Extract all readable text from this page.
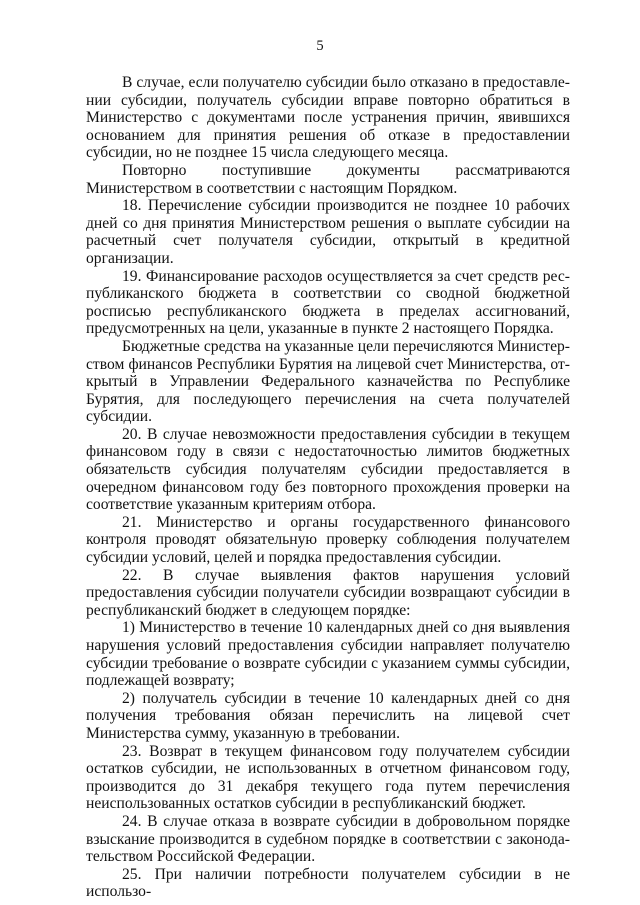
5

В случае, если получателю субсидии было отказано в предоставлении субсидии, получатель субсидии вправе повторно обратиться в Министерство с документами после устранения причин, явившихся основанием для принятия решения об отказе в предоставлении субсидии, но не позднее 15 числа следующего месяца.

Повторно поступившие документы рассматриваются Министерством в соответствии с настоящим Порядком.

18. Перечисление субсидии производится не позднее 10 рабочих дней со дня принятия Министерством решения о выплате субсидии на расчетный счет получателя субсидии, открытый в кредитной организации.

19. Финансирование расходов осуществляется за счет средств республиканского бюджета в соответствии со сводной бюджетной росписью республиканского бюджета в пределах ассигнований, предусмотренных на цели, указанные в пункте 2 настоящего Порядка.

Бюджетные средства на указанные цели перечисляются Министерством финансов Республики Бурятия на лицевой счет Министерства, открытый в Управлении Федерального казначейства по Республике Бурятия, для последующего перечисления на счета получателей субсидии.

20. В случае невозможности предоставления субсидии в текущем финансовом году в связи с недостаточностью лимитов бюджетных обязательств субсидия получателям субсидии предоставляется в очередном финансовом году без повторного прохождения проверки на соответствие указанным критериям отбора.

21. Министерство и органы государственного финансового контроля проводят обязательную проверку соблюдения получателем субсидии условий, целей и порядка предоставления субсидии.

22. В случае выявления фактов нарушения условий предоставления субсидии получатели субсидии возвращают субсидии в республиканский бюджет в следующем порядке:

1) Министерство в течение 10 календарных дней со дня выявления нарушения условий предоставления субсидии направляет получателю субсидии требование о возврате субсидии с указанием суммы субсидии, подлежащей возврату;

2) получатель субсидии в течение 10 календарных дней со дня получения требования обязан перечислить на лицевой счет Министерства сумму, указанную в требовании.

23. Возврат в текущем финансовом году получателем субсидии остатков субсидии, не использованных в отчетном финансовом году, производится до 31 декабря текущего года путем перечисления неиспользованных остатков субсидии в республиканский бюджет.

24. В случае отказа в возврате субсидии в добровольном порядке взыскание производится в судебном порядке в соответствии с законодательством Российской Федерации.

25. При наличии потребности получателем субсидии в не использо-
